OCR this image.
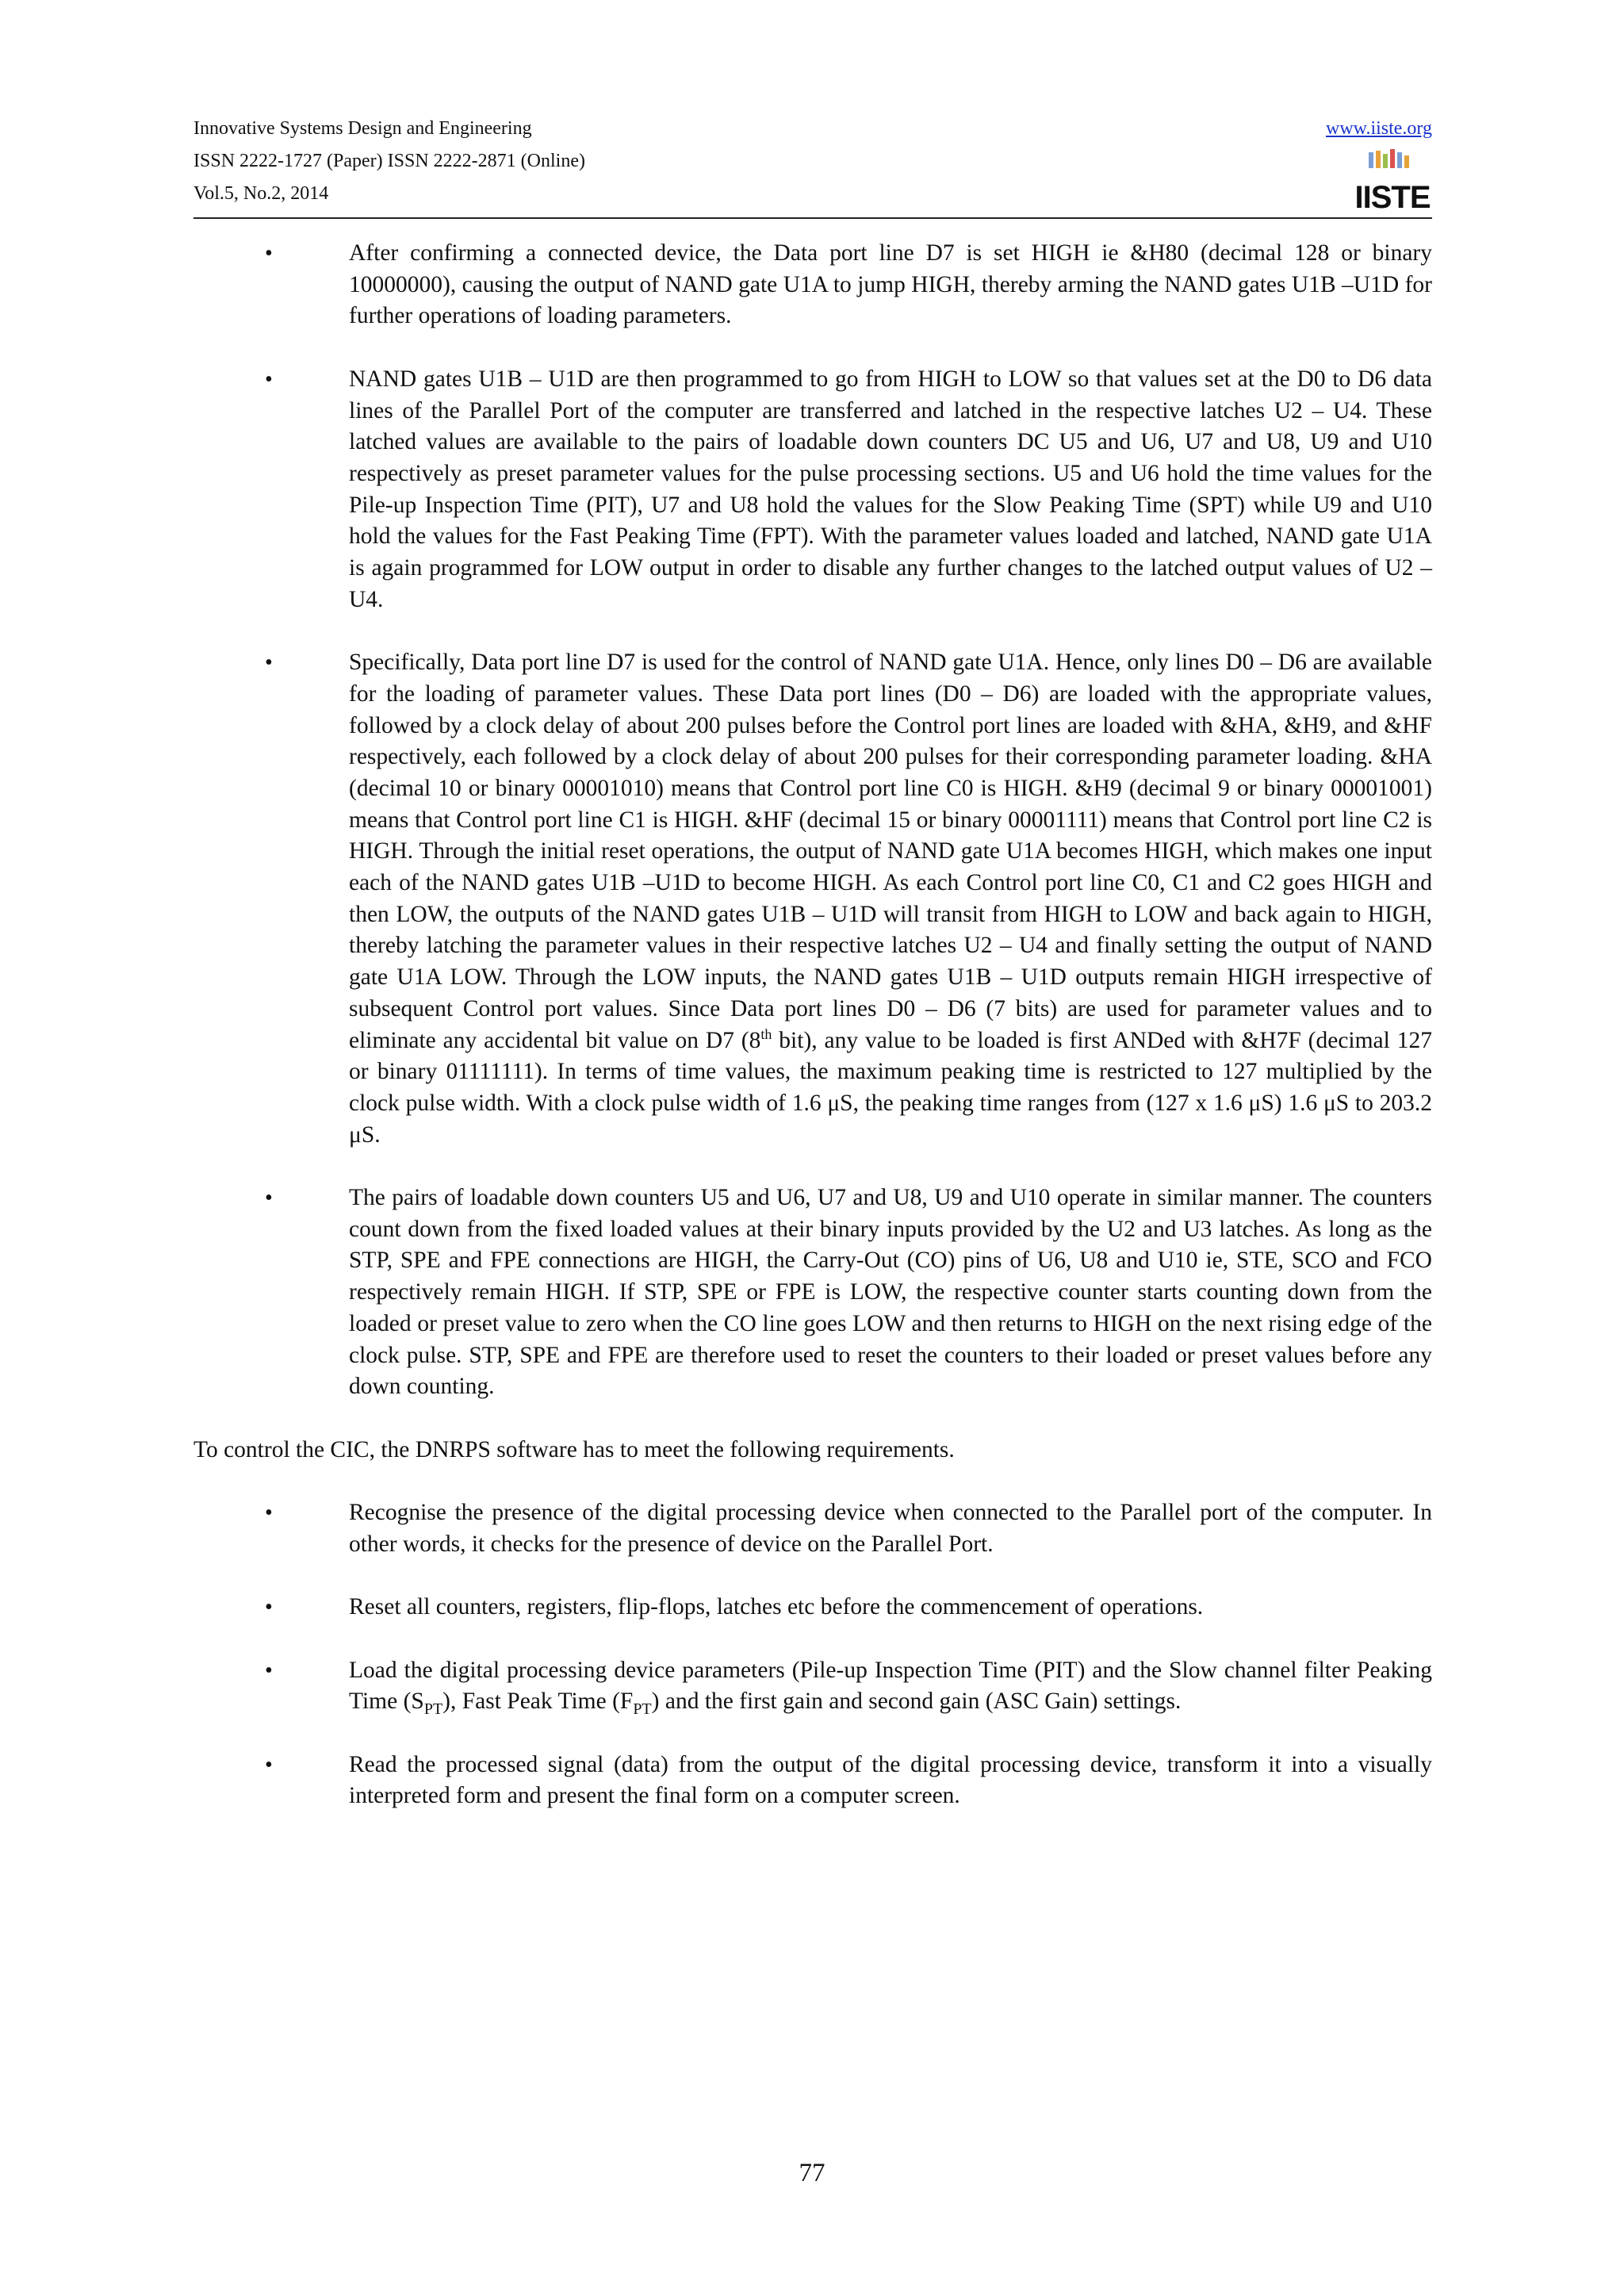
Innovative Systems Design and Engineering
ISSN 2222-1727 (Paper) ISSN 2222-2871 (Online)
Vol.5, No.2, 2014
www.iiste.org
IISTE
•	After confirming a connected device, the Data port line D7 is set HIGH ie &H80 (decimal 128 or binary 10000000), causing the output of NAND gate U1A to jump HIGH, thereby arming the NAND gates U1B –U1D for further operations of loading parameters.
•	NAND gates U1B – U1D are then programmed to go from HIGH to LOW so that values set at the D0 to D6 data lines of the Parallel Port of the computer are transferred and latched in the respective latches U2 – U4. These latched values are available to the pairs of loadable down counters DC U5 and U6, U7 and U8, U9 and U10 respectively as preset parameter values for the pulse processing sections. U5 and U6 hold the time values for the Pile-up Inspection Time (PIT), U7 and U8 hold the values for the Slow Peaking Time (SPT) while U9 and U10 hold the values for the Fast Peaking Time (FPT). With the parameter values loaded and latched, NAND gate U1A is again programmed for LOW output in order to disable any further changes to the latched output values of U2 – U4.
•	Specifically, Data port line D7 is used for the control of NAND gate U1A. Hence, only lines D0 – D6 are available for the loading of parameter values. These Data port lines (D0 – D6) are loaded with the appropriate values, followed by a clock delay of about 200 pulses before the Control port lines are loaded with &HA, &H9, and &HF respectively, each followed by a clock delay of about 200 pulses for their corresponding parameter loading. &HA (decimal 10 or binary 00001010) means that Control port line C0 is HIGH. &H9 (decimal 9 or binary 00001001) means that Control port line C1 is HIGH. &HF (decimal 15 or binary 00001111) means that Control port line C2 is HIGH. Through the initial reset operations, the output of NAND gate U1A becomes HIGH, which makes one input each of the NAND gates U1B –U1D to become HIGH. As each Control port line C0, C1 and C2 goes HIGH and then LOW, the outputs of the NAND gates U1B – U1D will transit from HIGH to LOW and back again to HIGH, thereby latching the parameter values in their respective latches U2 – U4 and finally setting the output of NAND gate U1A LOW. Through the LOW inputs, the NAND gates U1B – U1D outputs remain HIGH irrespective of subsequent Control port values. Since Data port lines D0 – D6 (7 bits) are used for parameter values and to eliminate any accidental bit value on D7 (8th bit), any value to be loaded is first ANDed with &H7F (decimal 127 or binary 01111111). In terms of time values, the maximum peaking time is restricted to 127 multiplied by the clock pulse width. With a clock pulse width of 1.6 μS, the peaking time ranges from (127 x 1.6 μS) 1.6 μS to 203.2 μS.
•	The pairs of loadable down counters U5 and U6, U7 and U8, U9 and U10 operate in similar manner. The counters count down from the fixed loaded values at their binary inputs provided by the U2 and U3 latches. As long as the STP, SPE and FPE connections are HIGH, the Carry-Out (CO) pins of U6, U8 and U10 ie, STE, SCO and FCO respectively remain HIGH. If STP, SPE or FPE is LOW, the respective counter starts counting down from the loaded or preset value to zero when the CO line goes LOW and then returns to HIGH on the next rising edge of the clock pulse. STP, SPE and FPE are therefore used to reset the counters to their loaded or preset values before any down counting.

To control the CIC, the DNRPS software has to meet the following requirements.

•	Recognise the presence of the digital processing device when connected to the Parallel port of the computer. In other words, it checks for the presence of device on the Parallel Port.
•	Reset all counters, registers, flip-flops, latches etc before the commencement of operations.
•	Load the digital processing device parameters (Pile-up Inspection Time (PIT) and the Slow channel filter Peaking Time $(S_{PT})$, Fast Peak Time $(F_{PT})$ and the first gain and second gain (ASC Gain) settings.
•	Read the processed signal (data) from the output of the digital processing device, transform it into a visually interpreted form and present the final form on a computer screen.
77
